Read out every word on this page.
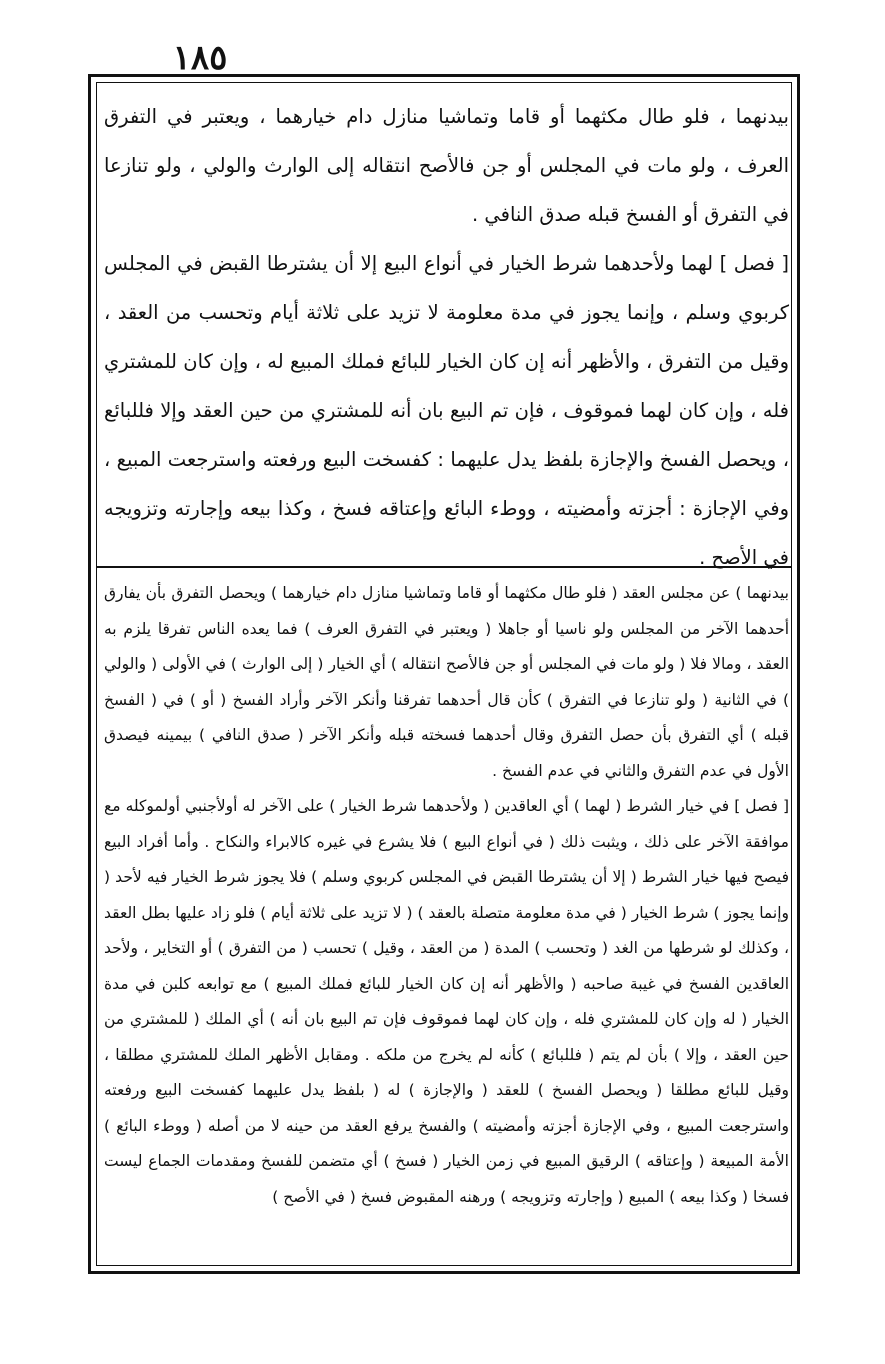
١٨٥

بيدنهما ، فلو طال مكثهما أو قاما وتماشيا منازل دام خيارهما ، ويعتبر في التفرق العرف ، ولو مات في المجلس أو جن فالأصح انتقاله إلى الوارث والولي ، ولو تنازعا في التفرق أو الفسخ قبله صدق النافي .

[ فصل ] لهما ولأحدهما شرط الخيار في أنواع البيع إلا أن يشترطا القبض في المجلس كربوي وسلم ، وإنما يجوز في مدة معلومة لا تزيد على ثلاثة أيام وتحسب من العقد ، وقيل من التفرق ، والأظهر أنه إن كان الخيار للبائع فملك المبيع له ، وإن كان للمشتري فله ، وإن كان لهما فموقوف ، فإن تم البيع بان أنه للمشتري من حين العقد وإلا فللبائع ، ويحصل الفسخ والإجازة بلفظ يدل عليهما : كفسخت البيع ورفعته واسترجعت المبيع ، وفي الإجازة : أجزته وأمضيته ، ووطء البائع وإعتاقه فسخ ، وكذا بيعه وإجارته وتزويجه في الأصح .

بيدنهما ) عن مجلس العقد ( فلو طال مكثهما أو قاما وتماشيا منازل دام خيارهما ) ويحصل التفرق بأن يفارق أحدهما الآخر من المجلس ولو ناسيا أو جاهلا ( ويعتبر في التفرق العرف ) فما يعده الناس تفرقا يلزم به العقد ، ومالا فلا ( ولو مات في المجلس أو جن فالأصح انتقاله ) أي الخيار ( إلى الوارث ) في الأولى ( والولي ) في الثانية ( ولو تنازعا في التفرق ) كأن قال أحدهما تفرقنا وأنكر الآخر وأراد الفسخ ( أو ) في ( الفسخ قبله ) أي التفرق بأن حصل التفرق وقال أحدهما فسخته قبله وأنكر الآخر ( صدق النافي ) بيمينه فيصدق الأول في عدم التفرق والثاني في عدم الفسخ .

[ فصل ] في خيار الشرط ( لهما ) أي العاقدين ( ولأحدهما شرط الخيار ) على الآخر له أولأجنبي أولموكله مع موافقة الآخر على ذلك ، ويثبت ذلك ( في أنواع البيع ) فلا يشرع في غيره كالابراء والنكاح . وأما أفراد البيع فيصح فيها خيار الشرط ( إلا أن يشترطا القبض في المجلس كربوي وسلم ) فلا يجوز شرط الخيار فيه لأحد ( وإنما يجوز ) شرط الخيار ( في مدة معلومة متصلة بالعقد ) ( لا تزيد على ثلاثة أيام ) فلو زاد عليها بطل العقد ، وكذلك لو شرطها من الغد ( وتحسب ) المدة ( من العقد ، وقيل ) تحسب ( من التفرق ) أو التخاير ، ولأحد العاقدين الفسخ في غيبة صاحبه ( والأظهر أنه إن كان الخيار للبائع فملك المبيع ) مع توابعه كلبن في مدة الخيار ( له وإن كان للمشتري فله ، وإن كان لهما فموقوف فإن تم البيع بان أنه ) أي الملك ( للمشتري من حين العقد ، وإلا ) بأن لم يتم ( فللبائع ) كأنه لم يخرج من ملكه . ومقابل الأظهر الملك للمشتري مطلقا ، وقيل للبائع مطلقا ( ويحصل الفسخ ) للعقد ( والإجازة ) له ( بلفظ يدل عليهما كفسخت البيع ورفعته واسترجعت المبيع ، وفي الإجازة أجزته وأمضيته ) والفسخ يرفع العقد من حينه لا من أصله ( ووطء البائع ) الأمة المبيعة ( وإعتاقه ) الرقيق المبيع في زمن الخيار ( فسخ ) أي متضمن للفسخ ومقدمات الجماع ليست فسخا ( وكذا بيعه ) المبيع ( وإجارته وتزويجه ) ورهنه المقبوض فسخ ( في الأصح )
